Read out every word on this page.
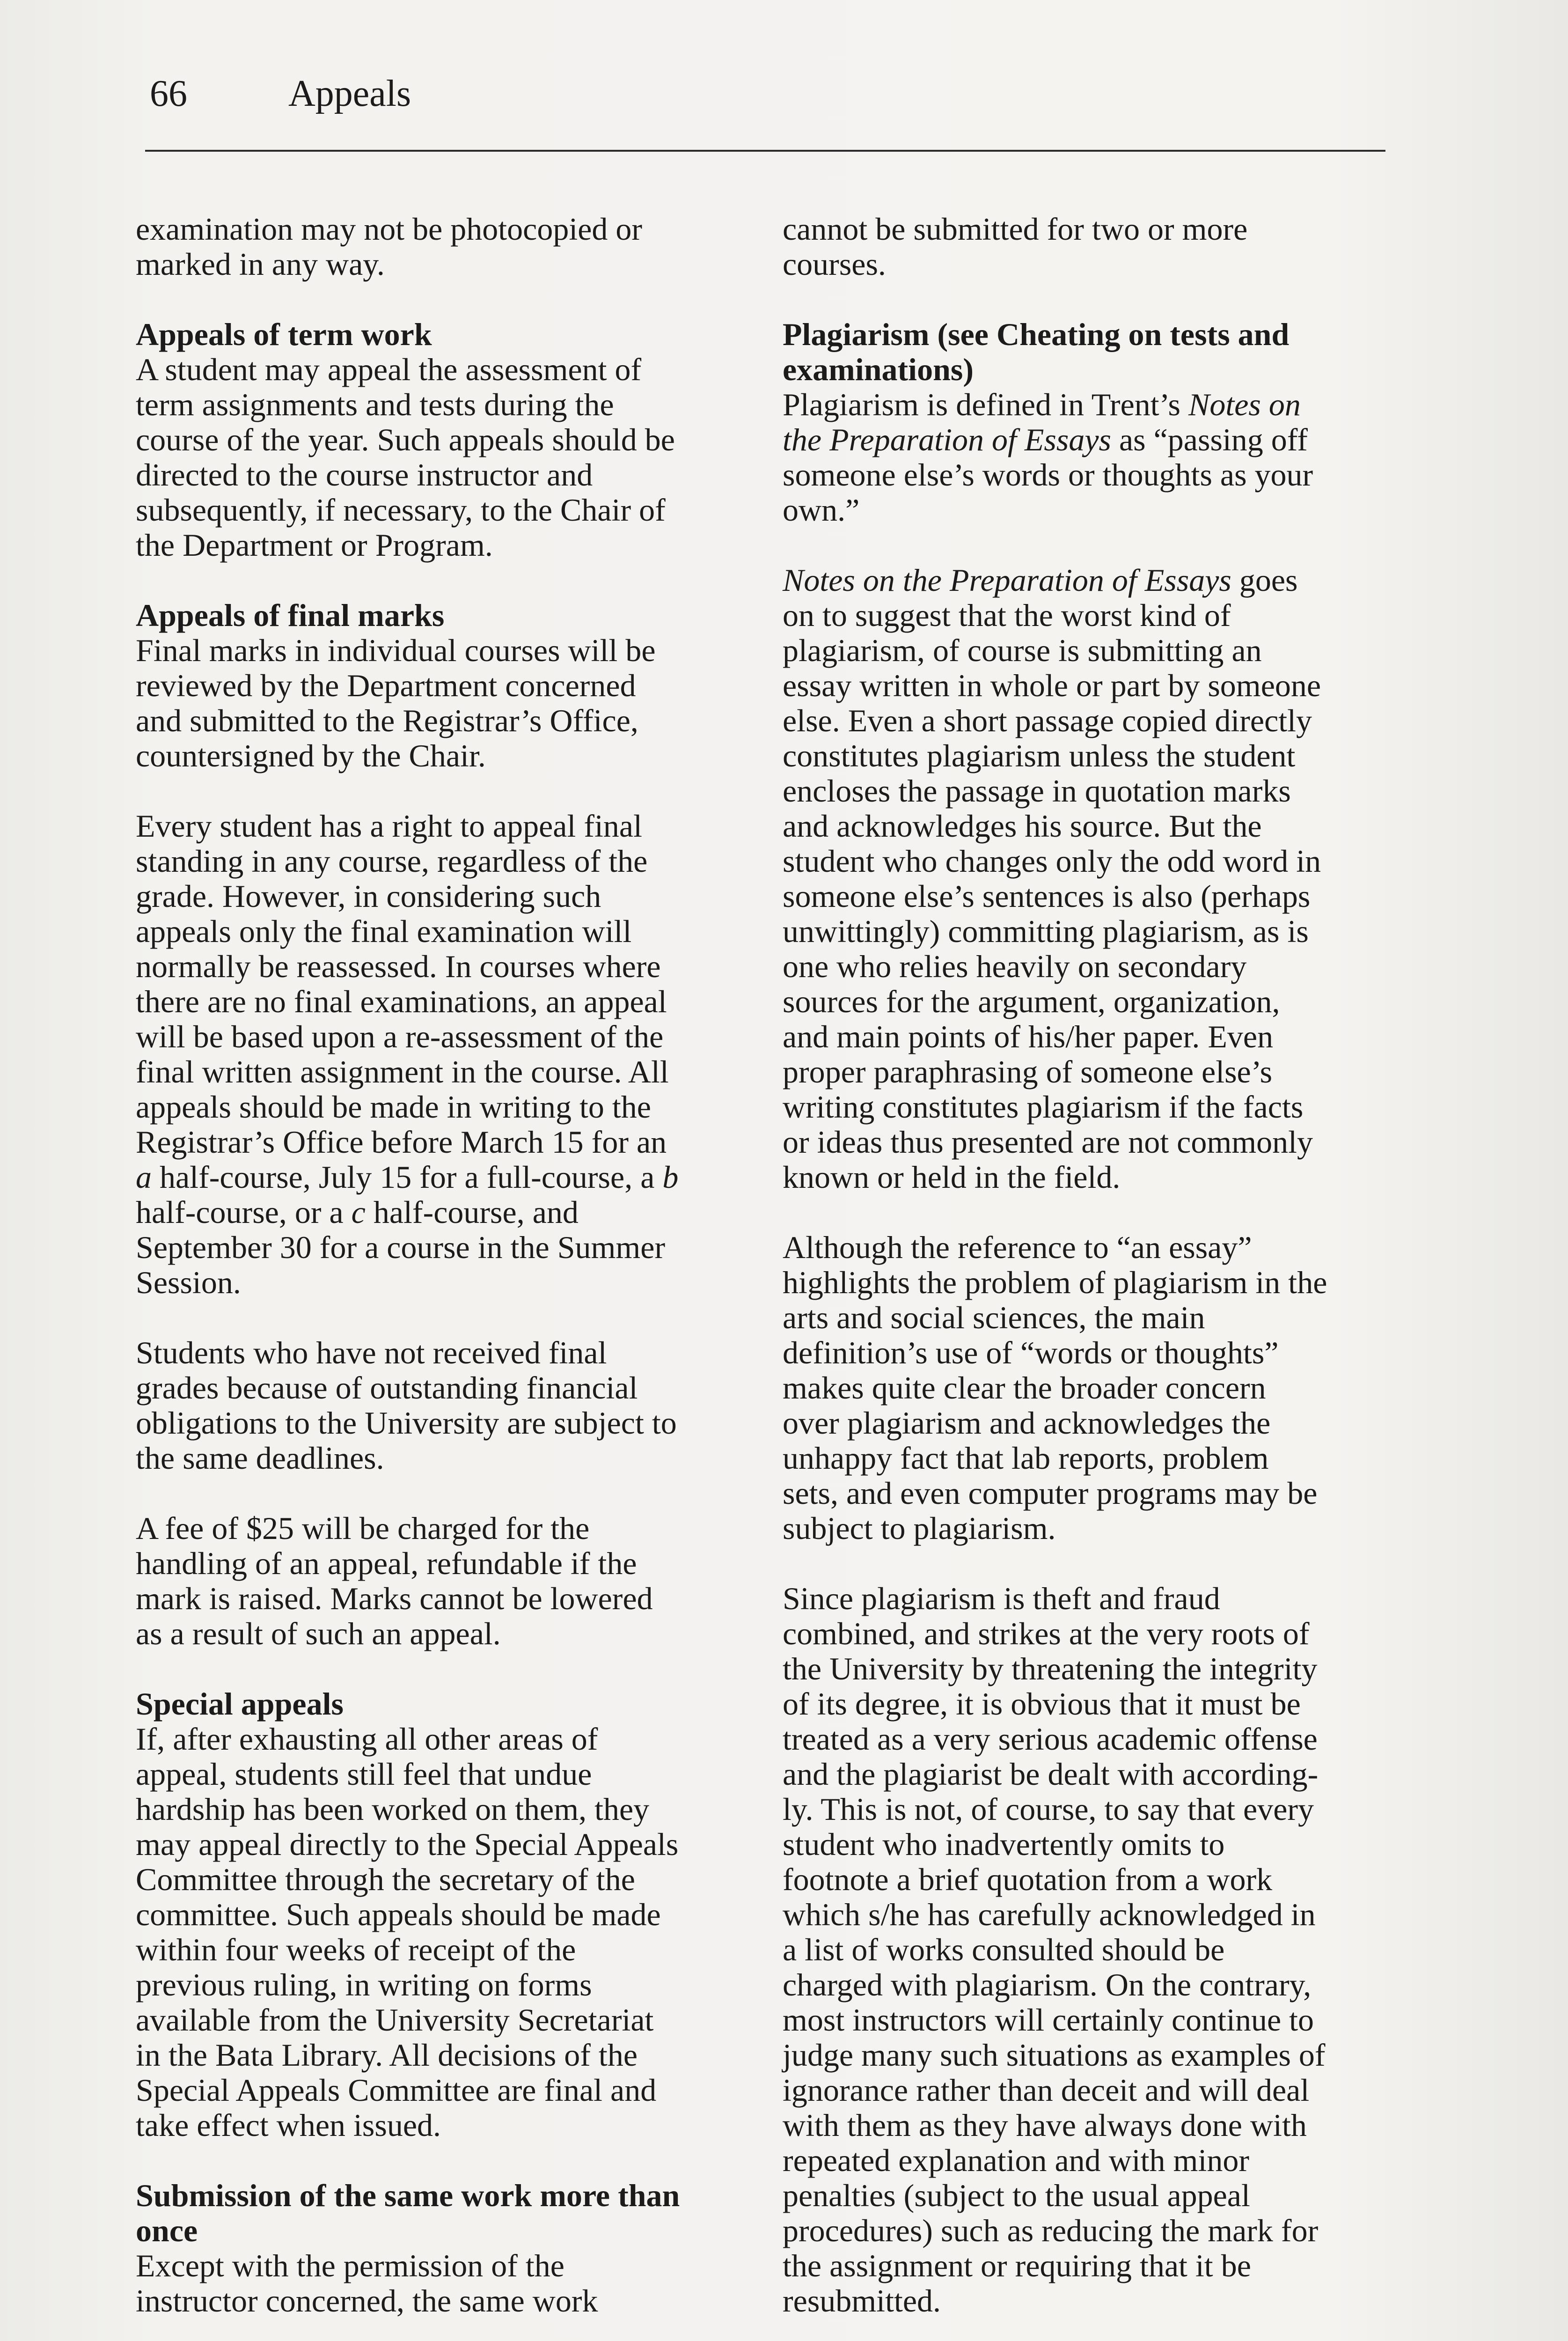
66	Appeals
examination may not be photocopied or
marked in any way.
Appeals of term work
A student may appeal the assessment of
term assignments and tests during the
course of the year. Such appeals should be
directed to the course instructor and
subsequently, if necessary, to the Chair of
the Department or Program.
Appeals of final marks
Final marks in individual courses will be
reviewed by the Department concerned
and submitted to the Registrar’s Office,
countersigned by the Chair.
Every student has a right to appeal final
standing in any course, regardless of the
grade. However, in considering such
appeals only the final examination will
normally be reassessed. In courses where
there are no final examinations, an appeal
will be based upon a re-assessment of the
final written assignment in the course. All
appeals should be made in writing to the
Registrar’s Office before March 15 for an
a half-course, July 15 for a full-course, a b
half-course, or a c half-course, and
September 30 for a course in the Summer
Session.
Students who have not received final
grades because of outstanding financial
obligations to the University are subject to
the same deadlines.
A fee of $25 will be charged for the
handling of an appeal, refundable if the
mark is raised. Marks cannot be lowered
as a result of such an appeal.
Special appeals
If, after exhausting all other areas of
appeal, students still feel that undue
hardship has been worked on them, they
may appeal directly to the Special Appeals
Committee through the secretary of the
committee. Such appeals should be made
within four weeks of receipt of the
previous ruling, in writing on forms
available from the University Secretariat
in the Bata Library. All decisions of the
Special Appeals Committee are final and
take effect when issued.
Submission of the same work more than
once
Except with the permission of the
instructor concerned, the same work
cannot be submitted for two or more
courses.
Plagiarism (see Cheating on tests and
examinations)
Plagiarism is defined in Trent’s Notes on
the Preparation of Essays as “passing off
someone else’s words or thoughts as your
own.”
Notes on the Preparation of Essays goes
on to suggest that the worst kind of
plagiarism, of course is submitting an
essay written in whole or part by someone
else. Even a short passage copied directly
constitutes plagiarism unless the student
encloses the passage in quotation marks
and acknowledges his source. But the
student who changes only the odd word in
someone else’s sentences is also (perhaps
unwittingly) committing plagiarism, as is
one who relies heavily on secondary
sources for the argument, organization,
and main points of his/her paper. Even
proper paraphrasing of someone else’s
writing constitutes plagiarism if the facts
or ideas thus presented are not commonly
known or held in the field.
Although the reference to “an essay”
highlights the problem of plagiarism in the
arts and social sciences, the main
definition’s use of “words or thoughts”
makes quite clear the broader concern
over plagiarism and acknowledges the
unhappy fact that lab reports, problem
sets, and even computer programs may be
subject to plagiarism.
Since plagiarism is theft and fraud
combined, and strikes at the very roots of
the University by threatening the integrity
of its degree, it is obvious that it must be
treated as a very serious academic offense
and the plagiarist be dealt with according-
ly. This is not, of course, to say that every
student who inadvertently omits to
footnote a brief quotation from a work
which s/he has carefully acknowledged in
a list of works consulted should be
charged with plagiarism. On the contrary,
most instructors will certainly continue to
judge many such situations as examples of
ignorance rather than deceit and will deal
with them as they have always done with
repeated explanation and with minor
penalties (subject to the usual appeal
procedures) such as reducing the mark for
the assignment or requiring that it be
resubmitted.
